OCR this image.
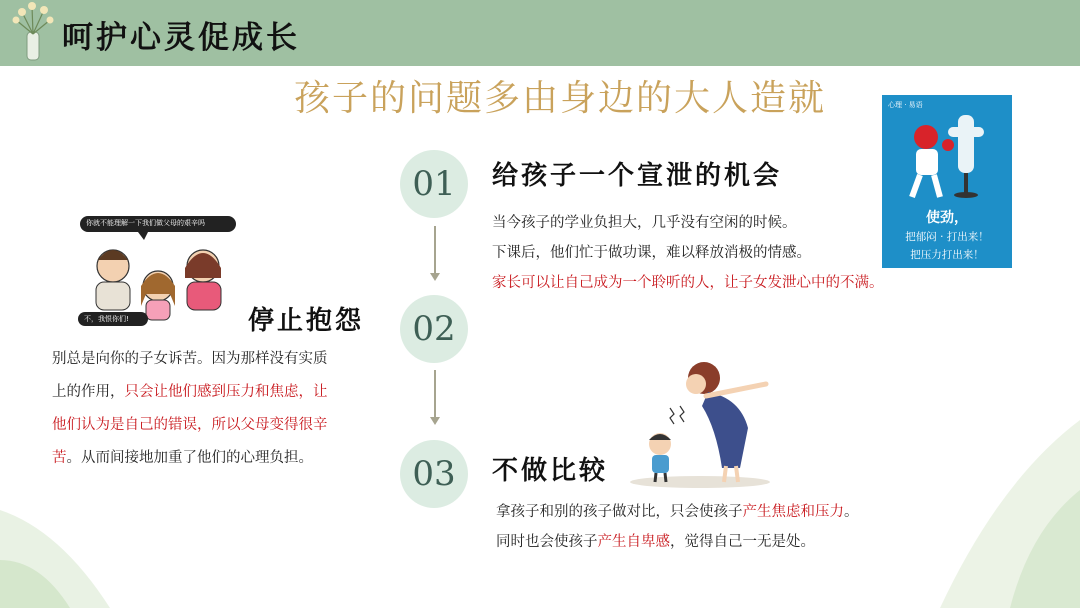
呵护心灵促成长
孩子的问题多由身边的大人造就
01
02
03
给孩子一个宣泄的机会
当今孩子的学业负担大，几乎没有空闲的时候。
下课后，他们忙于做功课，难以释放消极的情感。
家长可以让自己成为一个聆听的人，让子女发泄心中的不满。
停止抱怨
别总是向你的子女诉苦。因为那样没有实质
上的作用，只会让他们感到压力和焦虑，让
他们认为是自己的错误，所以父母变得很辛
苦。从而间接地加重了他们的心理负担。	不做比较
拿孩子和别的孩子做对比，只会使孩子产生焦虑和压力。
同时也会使孩子产生自卑感，觉得自己一无是处。
你就不能理解一下我们做父母的艰辛吗
不，我恨你们!
心理 · 易语
使劲，
把郁闷 · 打出来！
把压力打出来！
